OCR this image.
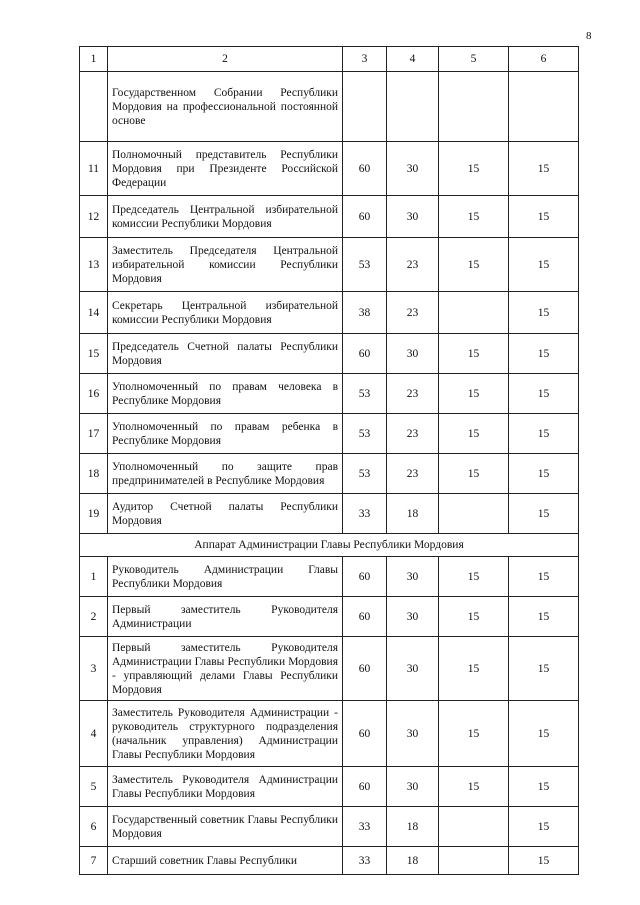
8
1	2	3	4	5	6
	Государственном Собрании Республики Мордовия на профессиональной постоянной основе				
11	Полномочный представитель Республики Мордовия при Президенте Российской Федерации	60	30	15	15
12	Председатель Центральной избирательной комиссии Республики Мордовия	60	30	15	15
13	Заместитель Председателя Центральной избирательной комиссии Республики Мордовия	53	23	15	15
14	Секретарь Центральной избирательной комиссии Республики Мордовия	38	23		15
15	Председатель Счетной палаты Республики Мордовия	60	30	15	15
16	Уполномоченный по правам человека в Республике Мордовия	53	23	15	15
17	Уполномоченный по правам ребенка в Республике Мордовия	53	23	15	15
18	Уполномоченный по защите прав предпринимателей в Республике Мордовия	53	23	15	15
19	Аудитор Счетной палаты Республики Мордовия	33	18		15
Аппарат Администрации Главы Республики Мордовия					
1	Руководитель Администрации Главы Республики Мордовия	60	30	15	15
2	Первый заместитель Руководителя Администрации	60	30	15	15
3	Первый заместитель Руководителя Администрации Главы Республики Мордовия - управляющий делами Главы Республики Мордовия	60	30	15	15
4	Заместитель Руководителя Администрации - руководитель структурного подразделения (начальник управления) Администрации Главы Республики Мордовия	60	30	15	15
5	Заместитель Руководителя Администрации Главы Республики Мордовия	60	30	15	15
6	Государственный советник Главы Республики Мордовия	33	18		15
7	Старший советник Главы Республики	33	18		15
